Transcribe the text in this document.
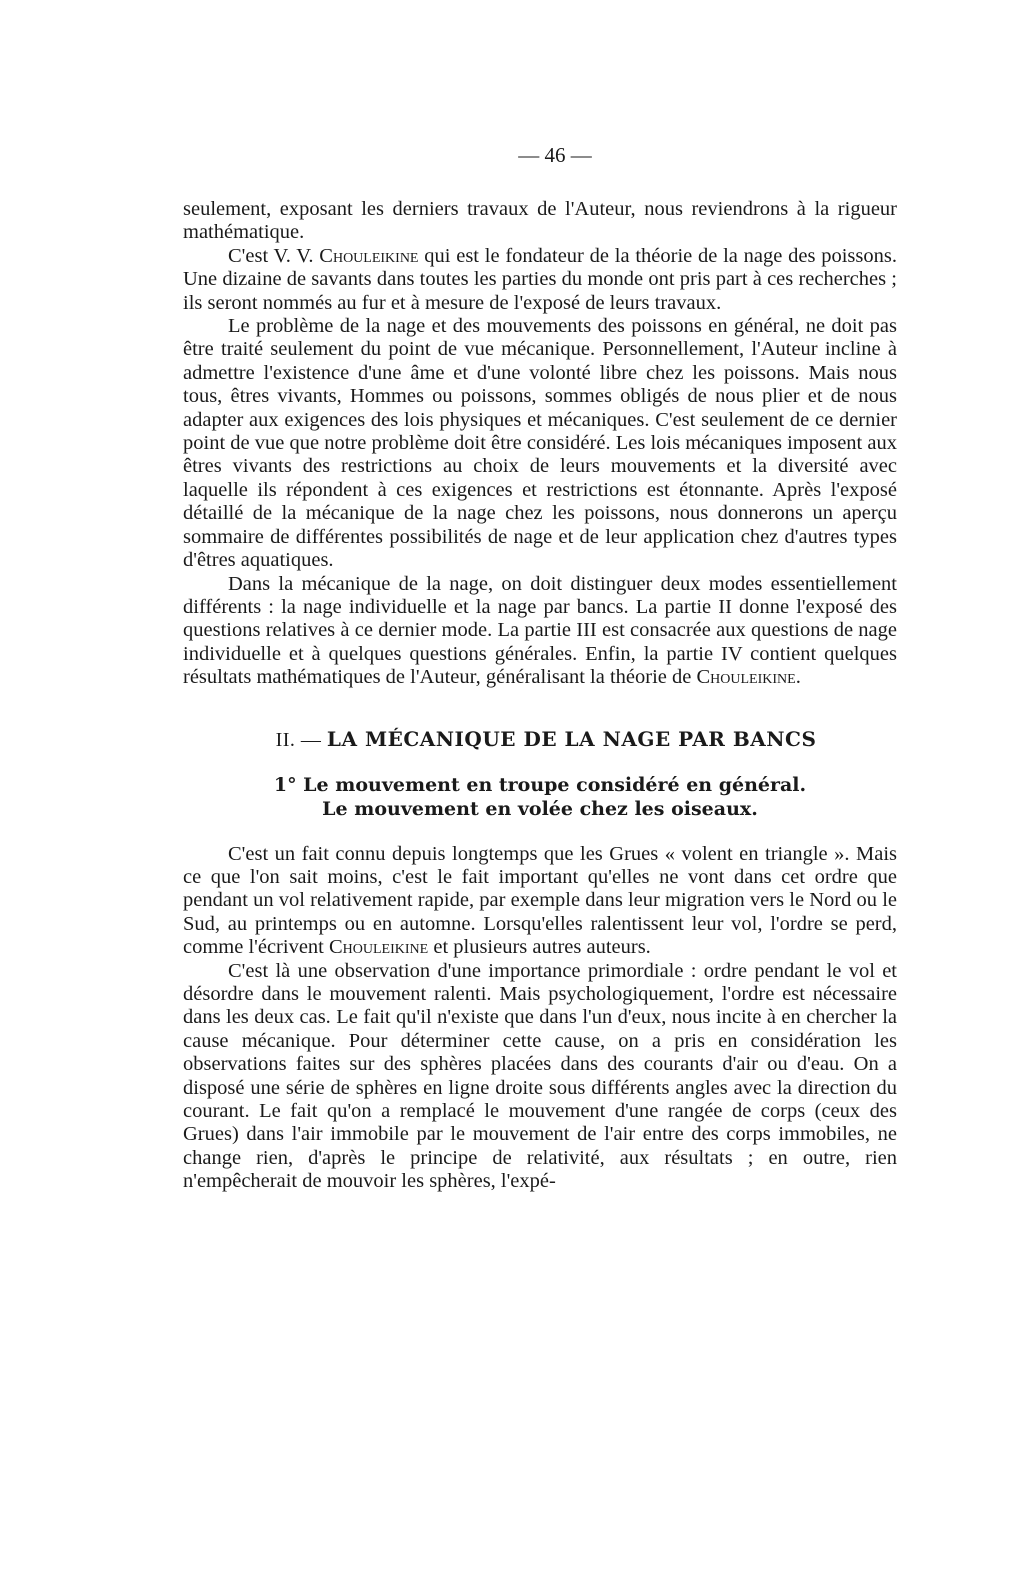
— 46 —

seulement, exposant les derniers travaux de l'Auteur, nous reviendrons à la rigueur mathématique.

C'est V. V. Chouleikine qui est le fondateur de la théorie de la nage des poissons. Une dizaine de savants dans toutes les parties du monde ont pris part à ces recherches ; ils seront nommés au fur et à mesure de l'exposé de leurs travaux.

Le problème de la nage et des mouvements des poissons en général, ne doit pas être traité seulement du point de vue mécanique. Personnellement, l'Auteur incline à admettre l'existence d'une âme et d'une volonté libre chez les poissons. Mais nous tous, êtres vivants, Hommes ou poissons, sommes obligés de nous plier et de nous adapter aux exigences des lois physiques et mécaniques. C'est seulement de ce dernier point de vue que notre problème doit être considéré. Les lois mécaniques imposent aux êtres vivants des restrictions au choix de leurs mouvements et la diversité avec laquelle ils répondent à ces exigences et restrictions est étonnante. Après l'exposé détaillé de la mécanique de la nage chez les poissons, nous donnerons un aperçu sommaire de différentes possibilités de nage et de leur application chez d'autres types d'êtres aquatiques.

Dans la mécanique de la nage, on doit distinguer deux modes essentiellement différents : la nage individuelle et la nage par bancs. La partie II donne l'exposé des questions relatives à ce dernier mode. La partie III est consacrée aux questions de nage individuelle et à quelques questions générales. Enfin, la partie IV contient quelques résultats mathématiques de l'Auteur, généralisant la théorie de Chouleikine.

II. — LA MÉCANIQUE DE LA NAGE PAR BANCS
1° Le mouvement en troupe considéré en général.
Le mouvement en volée chez les oiseaux.

C'est un fait connu depuis longtemps que les Grues « volent en triangle ». Mais ce que l'on sait moins, c'est le fait important qu'elles ne vont dans cet ordre que pendant un vol relativement rapide, par exemple dans leur migration vers le Nord ou le Sud, au printemps ou en automne. Lorsqu'elles ralentissent leur vol, l'ordre se perd, comme l'écrivent Chouleikine et plusieurs autres auteurs.

C'est là une observation d'une importance primordiale : ordre pendant le vol et désordre dans le mouvement ralenti. Mais psychologiquement, l'ordre est nécessaire dans les deux cas. Le fait qu'il n'existe que dans l'un d'eux, nous incite à en chercher la cause mécanique. Pour déterminer cette cause, on a pris en considération les observations faites sur des sphères placées dans des courants d'air ou d'eau. On a disposé une série de sphères en ligne droite sous différents angles avec la direction du courant. Le fait qu'on a remplacé le mouvement d'une rangée de corps (ceux des Grues) dans l'air immobile par le mouvement de l'air entre des corps immobiles, ne change rien, d'après le principe de relativité, aux résultats ; en outre, rien n'empêcherait de mouvoir les sphères, l'expé-
